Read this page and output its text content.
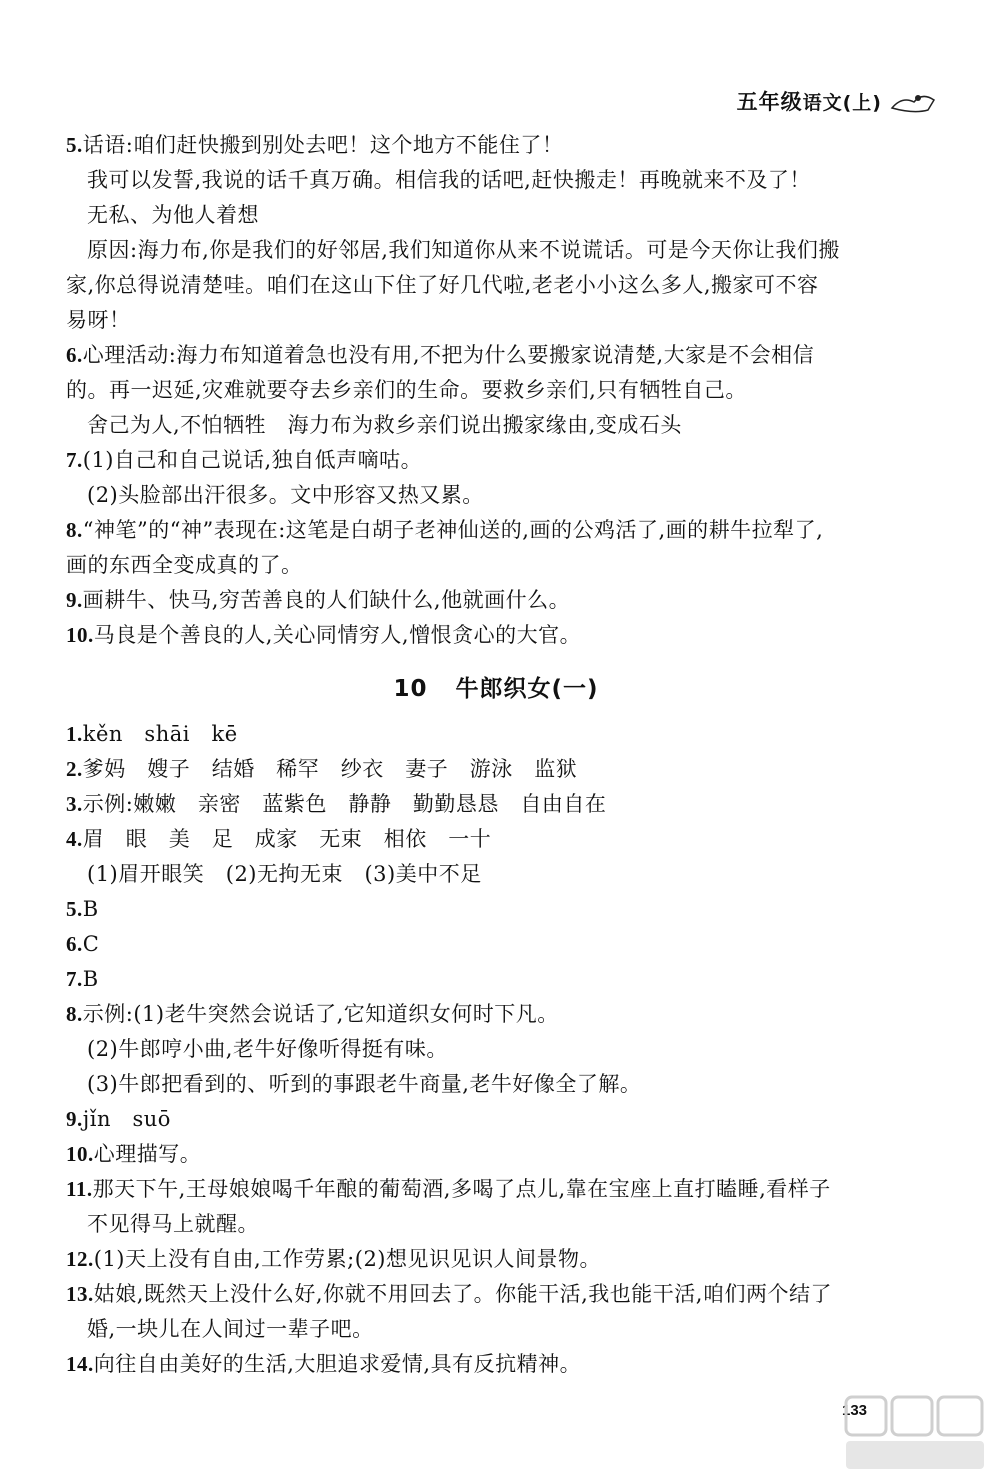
五年级语文(上)
5.话语:咱们赶快搬到别处去吧！这个地方不能住了！
我可以发誓,我说的话千真万确。相信我的话吧,赶快搬走！再晚就来不及了！
无私、为他人着想
原因:海力布,你是我们的好邻居,我们知道你从来不说谎话。可是今天你让我们搬
家,你总得说清楚哇。咱们在这山下住了好几代啦,老老小小这么多人,搬家可不容
易呀！
6.心理活动:海力布知道着急也没有用,不把为什么要搬家说清楚,大家是不会相信
的。再一迟延,灾难就要夺去乡亲们的生命。要救乡亲们,只有牺牲自己。
舍己为人,不怕牺牲　海力布为救乡亲们说出搬家缘由,变成石头
7.(1)自己和自己说话,独自低声嘀咕。
(2)头脸部出汗很多。文中形容又热又累。
8.“神笔”的“神”表现在:这笔是白胡子老神仙送的,画的公鸡活了,画的耕牛拉犁了,
画的东西全变成真的了。
9.画耕牛、快马,穷苦善良的人们缺什么,他就画什么。
10.马良是个善良的人,关心同情穷人,憎恨贪心的大官。
10 牛郎织女(一)
1.kěn　shāi　kē
2.爹妈　嫂子　结婚　稀罕　纱衣　妻子　游泳　监狱
3.示例:嫩嫩　亲密　蓝紫色　静静　勤勤恳恳　自由自在
4.眉　眼　美　足　成家　无束　相依　一十
(1)眉开眼笑　(2)无拘无束　(3)美中不足
5.B
6.C
7.B
8.示例:(1)老牛突然会说话了,它知道织女何时下凡。
(2)牛郎哼小曲,老牛好像听得挺有味。
(3)牛郎把看到的、听到的事跟老牛商量,老牛好像全了解。
9.jǐn　suō
10.心理描写。
11.那天下午,王母娘娘喝千年酿的葡萄酒,多喝了点儿,靠在宝座上直打瞌睡,看样子
不见得马上就醒。
12.(1)天上没有自由,工作劳累;(2)想见识见识人间景物。
13.姑娘,既然天上没什么好,你就不用回去了。你能干活,我也能干活,咱们两个结了
婚,一块儿在人间过一辈子吧。
14.向往自由美好的生活,大胆追求爱情,具有反抗精神。
133
